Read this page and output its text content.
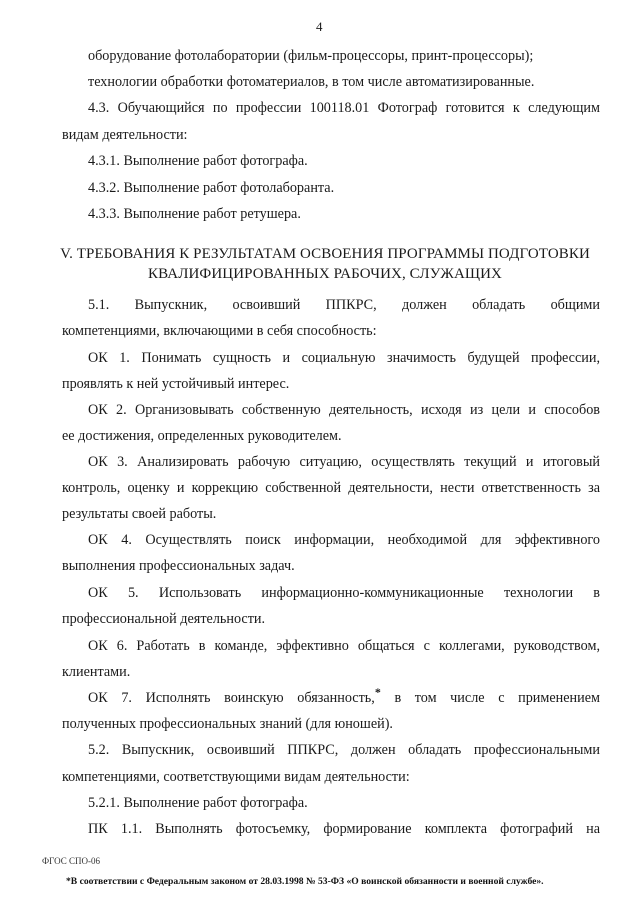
4
оборудование фотолаборатории (фильм-процессоры, принт-процессоры);
технологии обработки фотоматериалов, в том числе автоматизированные.
4.3. Обучающийся по профессии 100118.01 Фотограф готовится к следующим
видам деятельности:
4.3.1. Выполнение работ фотографа.
4.3.2. Выполнение работ фотолаборанта.
4.3.3. Выполнение работ ретушера.
V. ТРЕБОВАНИЯ К РЕЗУЛЬТАТАМ ОСВОЕНИЯ ПРОГРАММЫ ПОДГОТОВКИ
КВАЛИФИЦИРОВАННЫХ РАБОЧИХ, СЛУЖАЩИХ
5.1. Выпускник, освоивший ППКРС, должен обладать общими
компетенциями, включающими в себя способность:
ОК 1. Понимать сущность и социальную значимость будущей профессии,
проявлять к ней устойчивый интерес.
ОК 2. Организовывать собственную деятельность, исходя из цели и способов
ее достижения, определенных руководителем.
ОК 3. Анализировать рабочую ситуацию, осуществлять текущий и итоговый
контроль, оценку и коррекцию собственной деятельности, нести ответственность за
результаты своей работы.
ОК 4. Осуществлять поиск информации, необходимой для эффективного
выполнения профессиональных задач.
ОК 5. Использовать информационно-коммуникационные технологии в
профессиональной деятельности.
ОК 6. Работать в команде, эффективно общаться с коллегами, руководством,
клиентами.
ОК 7. Исполнять воинскую обязанность,* в том числе с применением
полученных профессиональных знаний (для юношей).
5.2. Выпускник, освоивший ППКРС, должен обладать профессиональными
компетенциями, соответствующими видам деятельности:
5.2.1. Выполнение работ фотографа.
ПК 1.1. Выполнять фотосъемку, формирование комплекта фотографий на
ФГОС СПО-06
*В соответствии с Федеральным законом от 28.03.1998 № 53-ФЗ «О воинской обязанности и военной службе».
